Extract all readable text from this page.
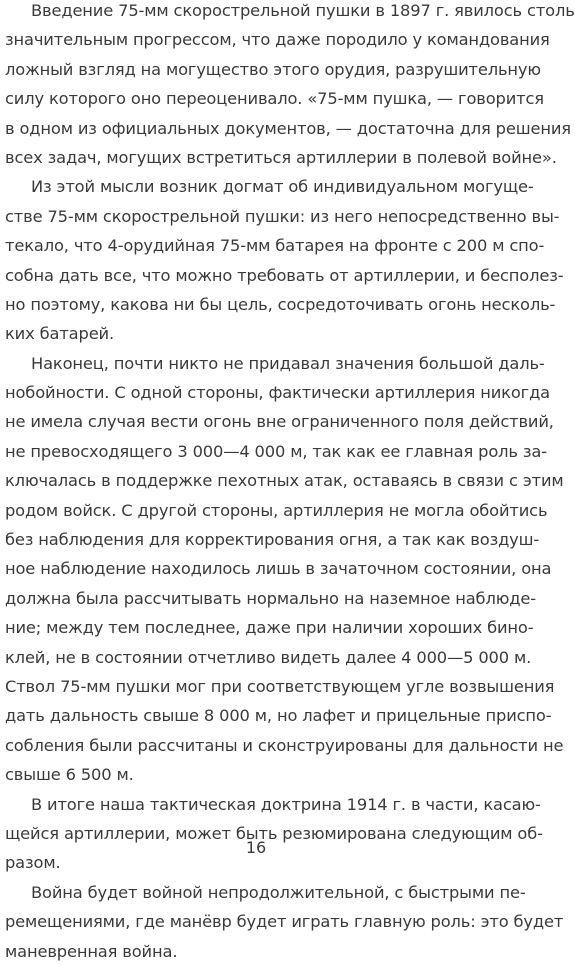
Введение 75-мм скорострельной пушки в 1897 г. явилось столь
значительным прогрессом, что даже породило у командования
ложный взгляд на могущество этого орудия, разрушительную
силу которого оно переоценивало. «75-мм пушка, — говорится
в одном из официальных документов, — достаточна для решения
всех задач, могущих встретиться артиллерии в полевой войне».
Из этой мысли возник догмат об индивидуальном могуще-
стве 75-мм скорострельной пушки: из него непосредственно вы-
текало, что 4-орудийная 75-мм батарея на фронте с 200 м спо-
собна дать все, что можно требовать от артиллерии, и бесполез-
но поэтому, какова ни бы цель, сосредоточивать огонь несколь-
ких батарей.
Наконец, почти никто не придавал значения большой даль-
нобойности. С одной стороны, фактически артиллерия никогда
не имела случая вести огонь вне ограниченного поля действий,
не превосходящего 3 000—4 000 м, так как ее главная роль за-
ключалась в поддержке пехотных атак, оставаясь в связи с этим
родом войск. С другой стороны, артиллерия не могла обойтись
без наблюдения для корректирования огня, а так как воздуш-
ное наблюдение находилось лишь в зачаточном состоянии, она
должна была рассчитывать нормально на наземное наблюде-
ние; между тем последнее, даже при наличии хороших бино-
клей, не в состоянии отчетливо видеть далее 4 000—5 000 м.
Ствол 75-мм пушки мог при соответствующем угле возвышения
дать дальность свыше 8 000 м, но лафет и прицельные приспо-
собления были рассчитаны и сконструированы для дальности не
свыше 6 500 м.
В итоге наша тактическая доктрина 1914 г. в части, касаю-
щейся артиллерии, может быть резюмирована следующим об-
разом.
Война будет войной непродолжительной, с быстрыми пе-
ремещениями, где манёвр будет играть главную роль: это будет
маневренная война.
16
